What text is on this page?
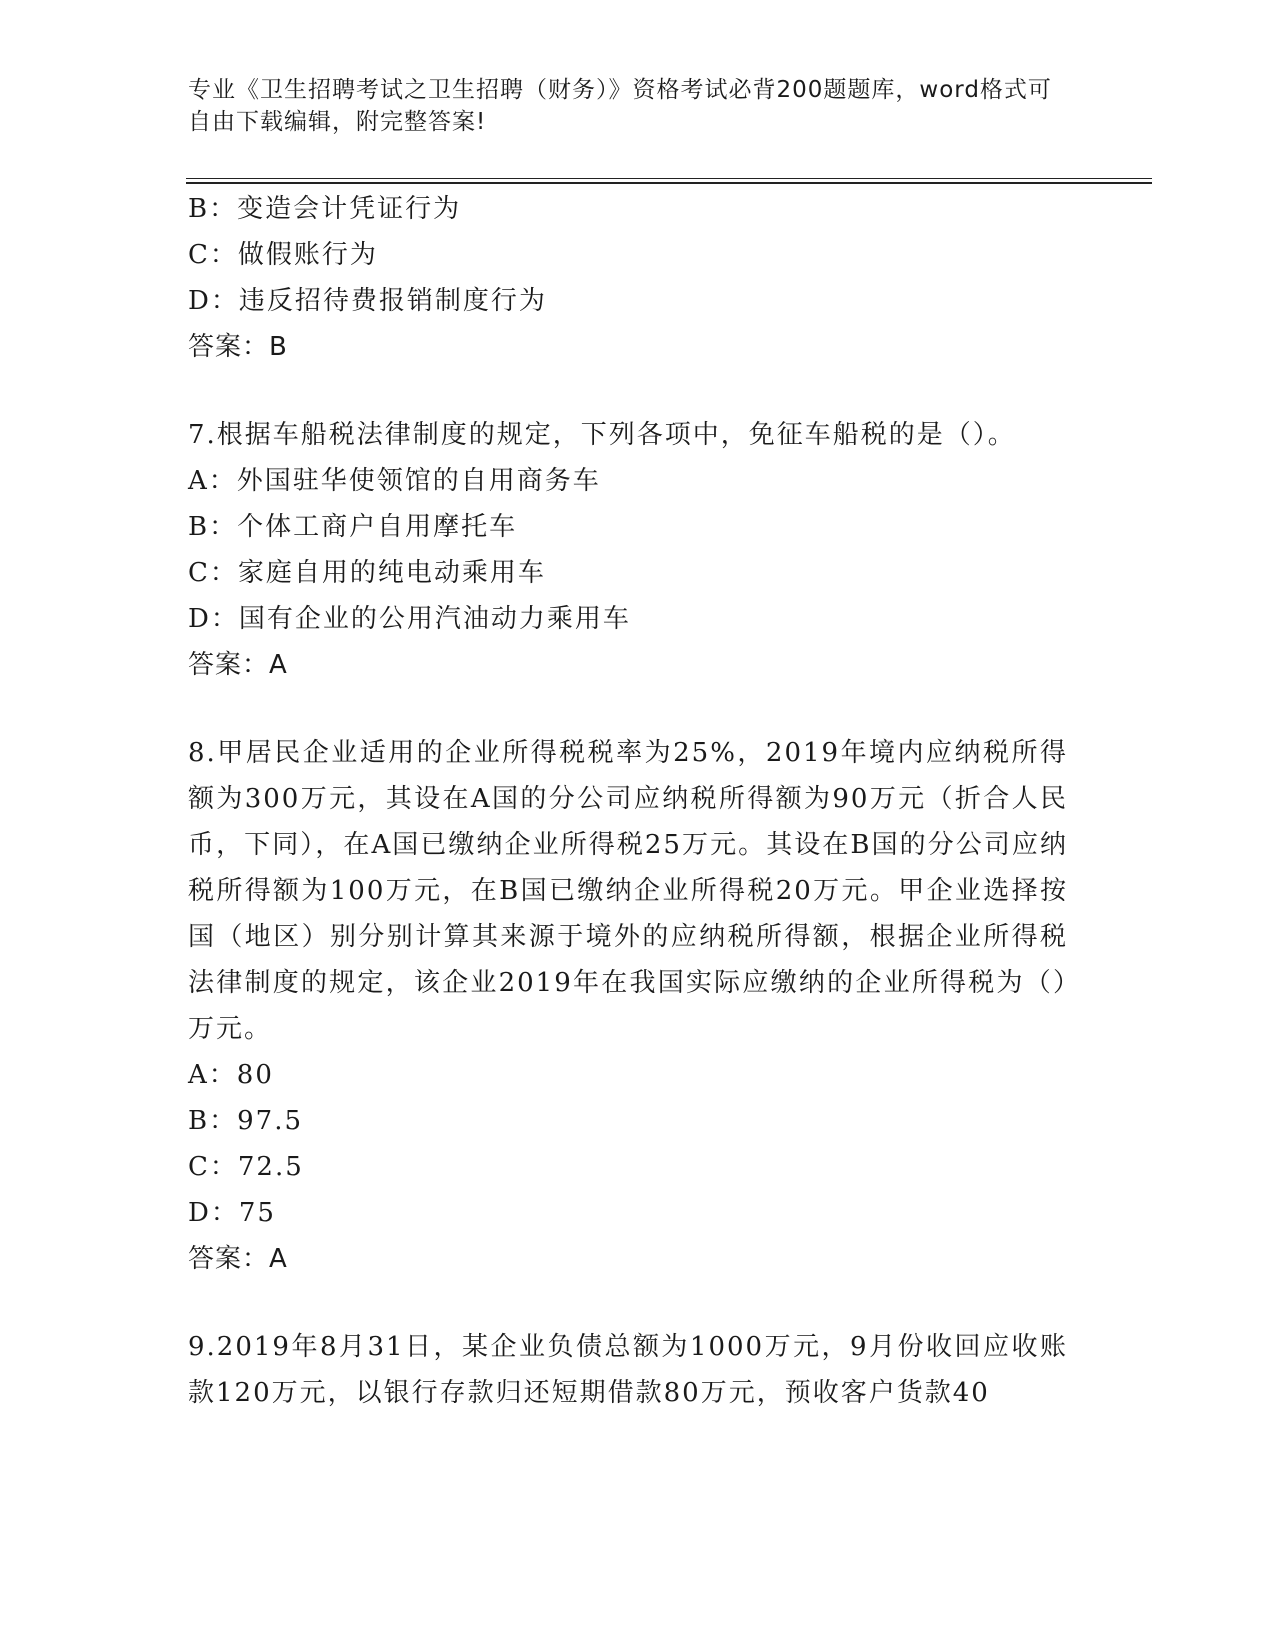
专业《卫生招聘考试之卫生招聘（财务）》资格考试必背200题题库，word格式可自由下载编辑，附完整答案!
B：变造会计凭证行为
C：做假账行为
D：违反招待费报销制度行为
答案：B
7.根据车船税法律制度的规定，下列各项中，免征车船税的是（）。
A：外国驻华使领馆的自用商务车
B：个体工商户自用摩托车
C：家庭自用的纯电动乘用车
D：国有企业的公用汽油动力乘用车
答案：A
8.甲居民企业适用的企业所得税税率为25%，2019年境内应纳税所得额为300万元，其设在A国的分公司应纳税所得额为90万元（折合人民币，下同），在A国已缴纳企业所得税25万元。其设在B国的分公司应纳税所得额为100万元，在B国已缴纳企业所得税20万元。甲企业选择按国（地区）别分别计算其来源于境外的应纳税所得额，根据企业所得税法律制度的规定，该企业2019年在我国实际应缴纳的企业所得税为（）万元。
A：80
B：97.5
C：72.5
D：75
答案：A
9.2019年8月31日，某企业负债总额为1000万元，9月份收回应收账款120万元，以银行存款归还短期借款80万元，预收客户货款40
